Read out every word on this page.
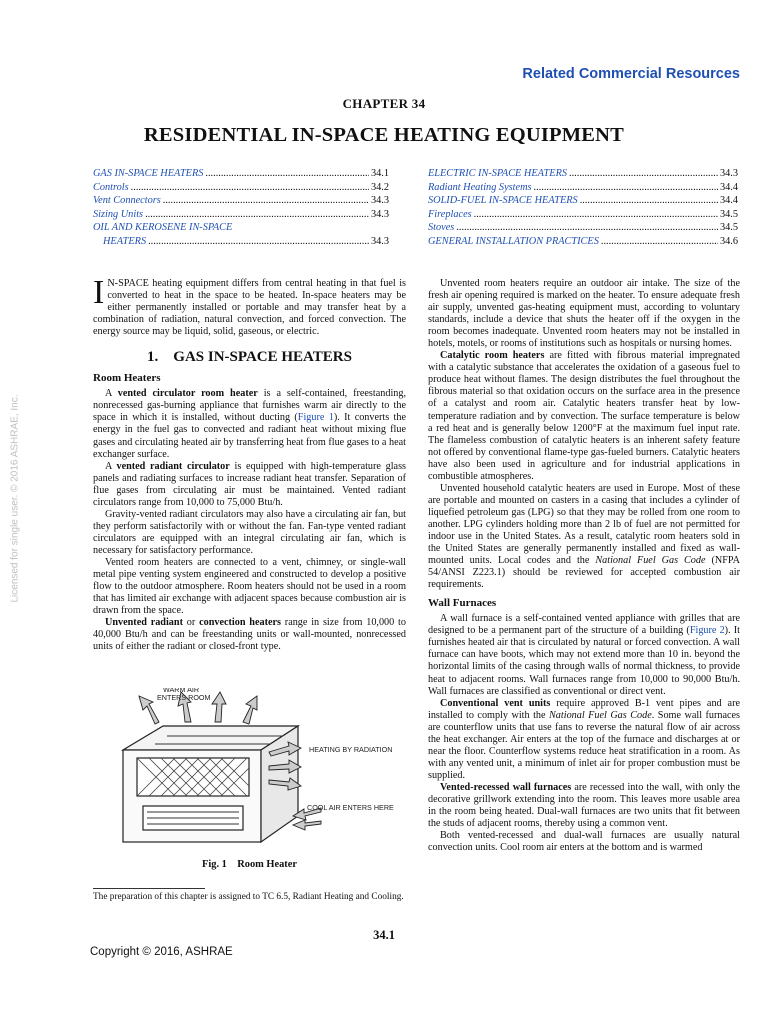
Related Commercial Resources
CHAPTER 34
RESIDENTIAL IN-SPACE HEATING EQUIPMENT
GAS IN-SPACE HEATERS .....	34.1
Controls .....	34.2
Vent Connectors .....	34.3
Sizing Units .....	34.3
OIL AND KEROSENE IN-SPACE
HEATERS .....	34.3
ELECTRIC IN-SPACE HEATERS .....	34.3
Radiant Heating Systems .....	34.4
SOLID-FUEL IN-SPACE HEATERS .....	34.4
Fireplaces .....	34.5
Stoves .....	34.5
GENERAL INSTALLATION PRACTICES .....	34.6

I N-SPACE heating equipment differs from central heating in that fuel is converted to heat in the space to be heated. In-space heaters may be either permanently installed or portable and may transfer heat by a combination of radiation, natural convection, and forced convection. The energy source may be liquid, solid, gaseous, or electric.

1. GAS IN-SPACE HEATERS
Room Heaters

A vented circulator room heater is a self-contained, freestanding, nonrecessed gas-burning appliance that furnishes warm air directly to the space in which it is installed, without ducting (Figure 1). It converts the energy in the fuel gas to convected and radiant heat without mixing flue gases and circulating heated air by transferring heat from flue gases to a heat exchanger surface.

A vented radiant circulator is equipped with high-temperature glass panels and radiating surfaces to increase radiant heat transfer. Separation of flue gases from circulating air must be maintained. Vented radiant circulators range from 10,000 to 75,000 Btu/h.

Gravity-vented radiant circulators may also have a circulating air fan, but they perform satisfactorily with or without the fan. Fan-type vented radiant circulators are equipped with an integral circulating air fan, which is necessary for satisfactory performance.

Vented room heaters are connected to a vent, chimney, or single-wall metal pipe venting system engineered and constructed to develop a positive flow to the outdoor atmosphere. Room heaters should not be used in a room that has limited air exchange with adjacent spaces because combustion air is drawn from the space.

Unvented radiant or convection heaters range in size from 10,000 to 40,000 Btu/h and can be freestanding units or wall-mounted, nonrecessed units of either the radiant or closed-front type.

WARM AIR
ENTERS ROOM
HEATING BY RADIATION
COOL AIR ENTERS HERE
Fig. 1 Room Heater
The preparation of this chapter is assigned to TC 6.5, Radiant Heating and Cooling.

Unvented room heaters require an outdoor air intake. The size of the fresh air opening required is marked on the heater. To ensure adequate fresh air supply, unvented gas-heating equipment must, according to voluntary standards, include a device that shuts the heater off if the oxygen in the room becomes inadequate. Unvented room heaters may not be installed in hotels, motels, or rooms of institutions such as hospitals or nursing homes.

Catalytic room heaters are fitted with fibrous material impregnated with a catalytic substance that accelerates the oxidation of a gaseous fuel to produce heat without flames. The design distributes the fuel throughout the fibrous material so that oxidation occurs on the surface area in the presence of a catalyst and room air. Catalytic heaters transfer heat by low-temperature radiation and by convection. The surface temperature is below a red heat and is generally below 1200°F at the maximum fuel input rate. The flameless combustion of catalytic heaters is an inherent safety feature not offered by conventional flame-type gas-fueled burners. Catalytic heaters have also been used in agriculture and for industrial applications in combustible atmospheres.

Unvented household catalytic heaters are used in Europe. Most of these are portable and mounted on casters in a casing that includes a cylinder of liquefied petroleum gas (LPG) so that they may be rolled from one room to another. LPG cylinders holding more than 2 lb of fuel are not permitted for indoor use in the United States. As a result, catalytic room heaters sold in the United States are generally permanently installed and fixed as wall-mounted units. Local codes and the National Fuel Gas Code (NFPA 54/ANSI Z223.1) should be reviewed for accepted combustion air requirements.

Wall Furnaces

A wall furnace is a self-contained vented appliance with grilles that are designed to be a permanent part of the structure of a building (Figure 2). It furnishes heated air that is circulated by natural or forced convection. A wall furnace can have boots, which may not extend more than 10 in. beyond the horizontal limits of the casing through walls of normal thickness, to provide heat to adjacent rooms. Wall furnaces range from 10,000 to 90,000 Btu/h. Wall furnaces are classified as conventional or direct vent.

Conventional vent units require approved B-1 vent pipes and are installed to comply with the National Fuel Gas Code. Some wall furnaces are counterflow units that use fans to reverse the natural flow of air across the heat exchanger. Air enters at the top of the furnace and discharges at or near the floor. Counterflow systems reduce heat stratification in a room. As with any vented unit, a minimum of inlet air for proper combustion must be supplied.

Vented-recessed wall furnaces are recessed into the wall, with only the decorative grillwork extending into the room. This leaves more usable area in the room being heated. Dual-wall furnaces are two units that fit between the studs of adjacent rooms, thereby using a common vent.

Both vented-recessed and dual-wall furnaces are usually natural convection units. Cool room air enters at the bottom and is warmed

34.1
Copyright © 2016, ASHRAE
Licensed for single user. © 2016 ASHRAE, Inc.
